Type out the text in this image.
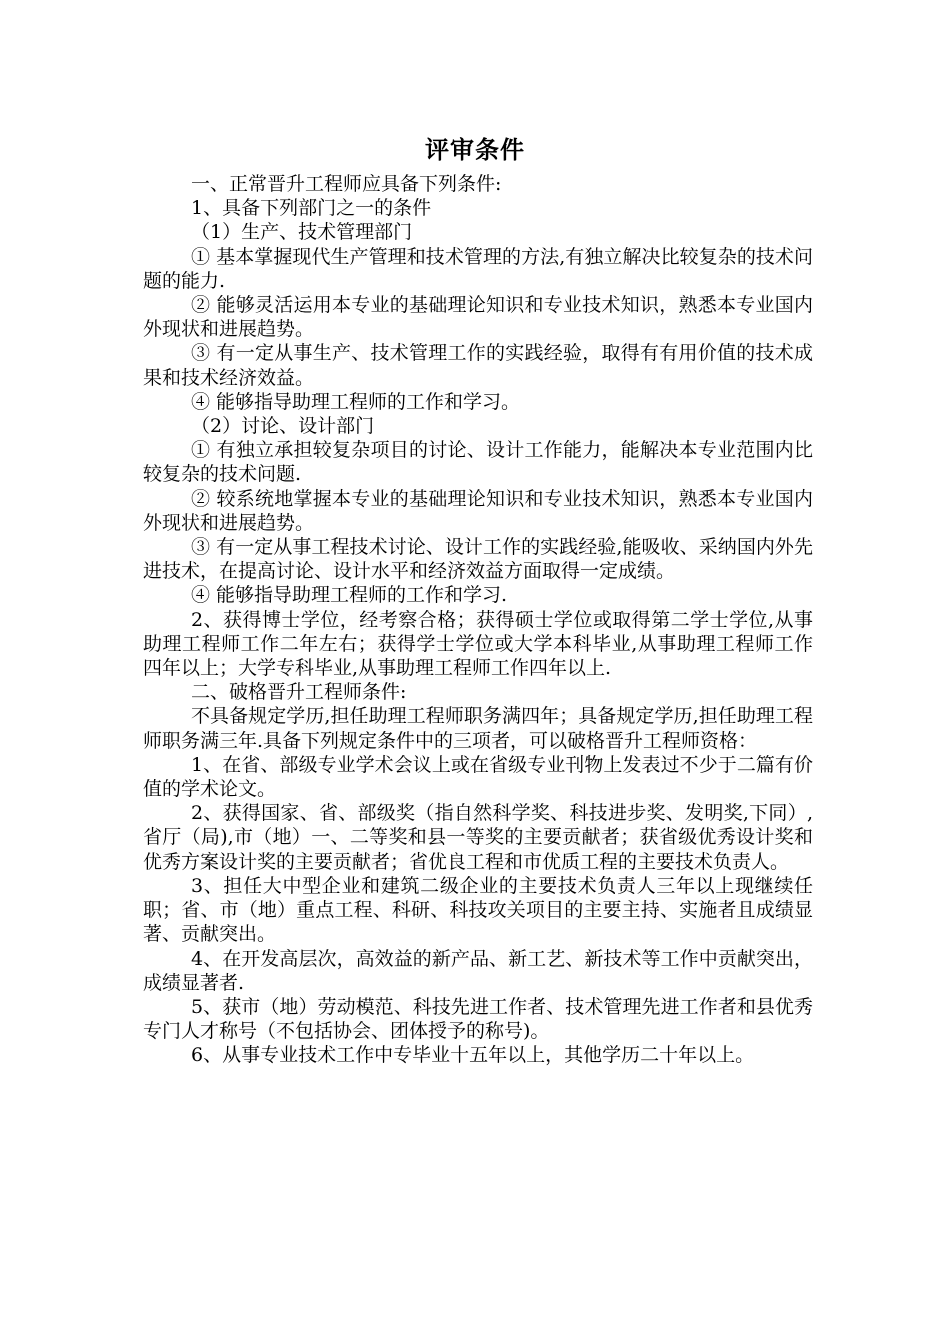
评审条件

一、正常晋升工程师应具备下列条件:

1、具备下列部门之一的条件

（1）生产、技术管理部门

① 基本掌握现代生产管理和技术管理的方法,有独立解决比较复杂的技术问题的能力.

② 能够灵活运用本专业的基础理论知识和专业技术知识，熟悉本专业国内外现状和进展趋势。

③ 有一定从事生产、技术管理工作的实践经验，取得有有用价值的技术成果和技术经济效益。

④ 能够指导助理工程师的工作和学习。

（2）讨论、设计部门

① 有独立承担较复杂项目的讨论、设计工作能力，能解决本专业范围内比较复杂的技术问题.

② 较系统地掌握本专业的基础理论知识和专业技术知识，熟悉本专业国内外现状和进展趋势。

③ 有一定从事工程技术讨论、设计工作的实践经验,能吸收、采纳国内外先进技术，在提高讨论、设计水平和经济效益方面取得一定成绩。

④ 能够指导助理工程师的工作和学习.

2、获得博士学位，经考察合格；获得硕士学位或取得第二学士学位,从事助理工程师工作二年左右；获得学士学位或大学本科毕业,从事助理工程师工作四年以上；大学专科毕业,从事助理工程师工作四年以上.

二、破格晋升工程师条件:

不具备规定学历,担任助理工程师职务满四年；具备规定学历,担任助理工程师职务满三年.具备下列规定条件中的三项者，可以破格晋升工程师资格：

1、在省、部级专业学术会议上或在省级专业刊物上发表过不少于二篇有价值的学术论文。

2、获得国家、省、部级奖（指自然科学奖、科技进步奖、发明奖,下同）,省厅（局),市（地）一、二等奖和县一等奖的主要贡献者；获省级优秀设计奖和优秀方案设计奖的主要贡献者；省优良工程和市优质工程的主要技术负责人。

3、担任大中型企业和建筑二级企业的主要技术负责人三年以上现继续任职；省、市（地）重点工程、科研、科技攻关项目的主要主持、实施者且成绩显著、贡献突出。

4、在开发高层次，高效益的新产品、新工艺、新技术等工作中贡献突出，成绩显著者.

5、获市（地）劳动模范、科技先进工作者、技术管理先进工作者和县优秀专门人才称号（不包括协会、团体授予的称号)。

6、从事专业技术工作中专毕业十五年以上，其他学历二十年以上。
